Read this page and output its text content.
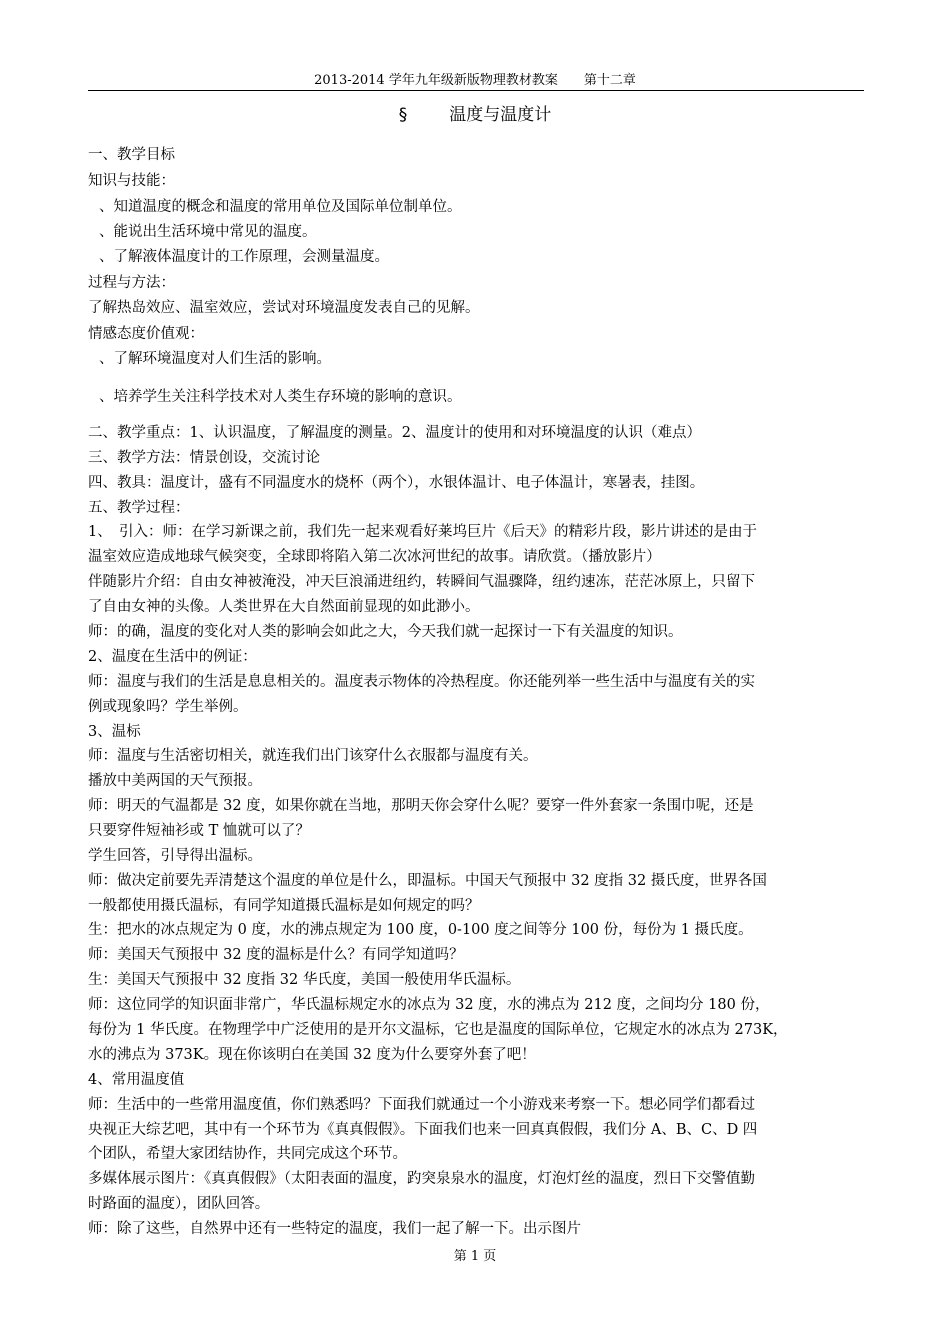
2013-2014 学年九年级新版物理教材教案　　第十二章
§ 温度与温度计
一、教学目标
知识与技能：
、知道温度的概念和温度的常用单位及国际单位制单位。
、能说出生活环境中常见的温度。
、了解液体温度计的工作原理，会测量温度。
过程与方法：
了解热岛效应、温室效应，尝试对环境温度发表自己的见解。
情感态度价值观：
、了解环境温度对人们生活的影响。
、培养学生关注科学技术对人类生存环境的影响的意识。
二、教学重点：1、认识温度，了解温度的测量。2、温度计的使用和对环境温度的认识（难点）
三、教学方法：情景创设，交流讨论
四、教具：温度计，盛有不同温度水的烧杯（两个），水银体温计、电子体温计，寒暑表，挂图。
五、教学过程：
1、　引入：师：在学习新课之前，我们先一起来观看好莱坞巨片《后天》的精彩片段，影片讲述的是由于
温室效应造成地球气候突变，全球即将陷入第二次冰河世纪的故事。请欣赏。（播放影片）
伴随影片介绍：自由女神被淹没，冲天巨浪涌进纽约，转瞬间气温骤降，纽约速冻，茫茫冰原上，只留下
了自由女神的头像。人类世界在大自然面前显现的如此渺小。
师：的确，温度的变化对人类的影响会如此之大，今天我们就一起探讨一下有关温度的知识。
2、温度在生活中的例证：
师：温度与我们的生活是息息相关的。温度表示物体的冷热程度。你还能列举一些生活中与温度有关的实
例或现象吗？学生举例。
3、温标
师：温度与生活密切相关，就连我们出门该穿什么衣服都与温度有关。
播放中美两国的天气预报。
师：明天的气温都是 32 度，如果你就在当地，那明天你会穿什么呢？要穿一件外套家一条围巾呢，还是
只要穿件短袖衫或 T 恤就可以了？
学生回答，引导得出温标。
师：做决定前要先弄清楚这个温度的单位是什么，即温标。中国天气预报中 32 度指 32 摄氏度，世界各国
一般都使用摄氏温标，有同学知道摄氏温标是如何规定的吗？
生：把水的冰点规定为 0 度，水的沸点规定为 100 度，0-100 度之间等分 100 份，每份为 1 摄氏度。
师：美国天气预报中 32 度的温标是什么？有同学知道吗？
生：美国天气预报中 32 度指 32 华氏度，美国一般使用华氏温标。
师：这位同学的知识面非常广，华氏温标规定水的冰点为 32 度，水的沸点为 212 度，之间均分 180 份，
每份为 1 华氏度。在物理学中广泛使用的是开尔文温标，它也是温度的国际单位，它规定水的冰点为 273K，
水的沸点为 373K。现在你该明白在美国 32 度为什么要穿外套了吧！
4、常用温度值
师：生活中的一些常用温度值，你们熟悉吗？下面我们就通过一个小游戏来考察一下。想必同学们都看过
央视正大综艺吧，其中有一个环节为《真真假假》。下面我们也来一回真真假假，我们分 A、B、C、D 四
个团队，希望大家团结协作，共同完成这个环节。
多媒体展示图片：《真真假假》（太阳表面的温度，趵突泉泉水的温度，灯泡灯丝的温度，烈日下交警值勤
时路面的温度），团队回答。
师：除了这些，自然界中还有一些特定的温度，我们一起了解一下。出示图片
第 1 页
